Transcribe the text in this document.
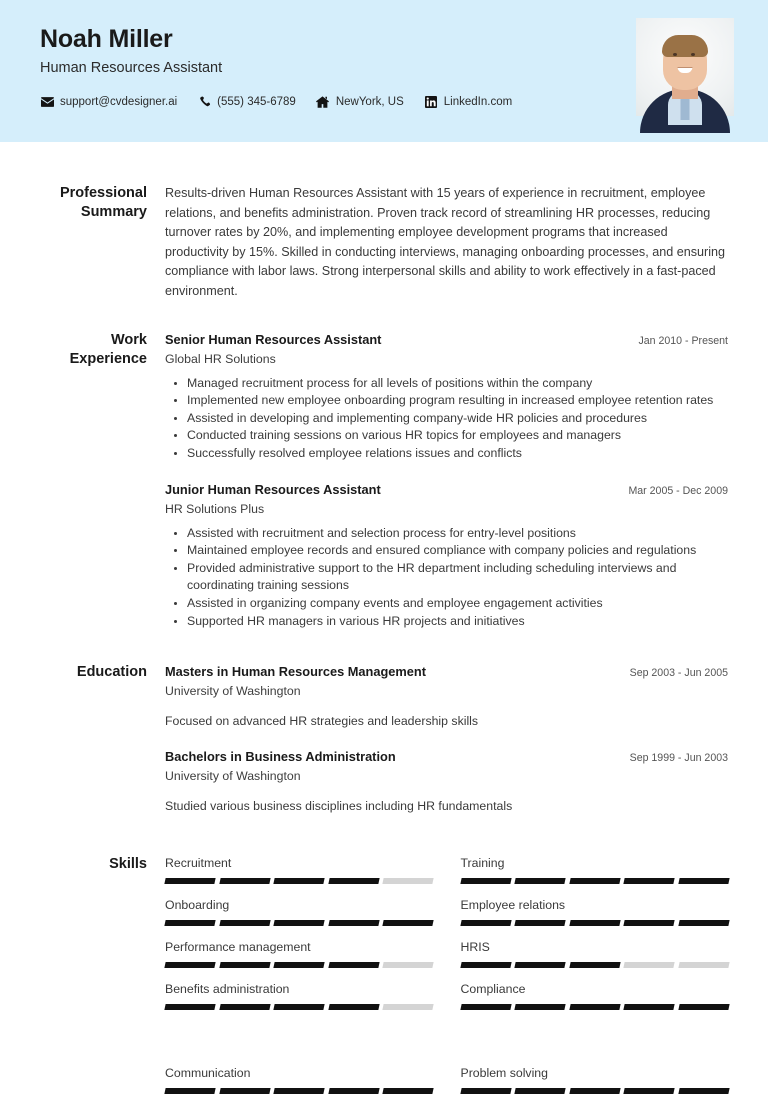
Noah Miller
Human Resources Assistant
support@cvdesigner.ai	(555) 345-6789	NewYork, US	LinkedIn.com
Professional Summary
Results-driven Human Resources Assistant with 15 years of experience in recruitment, employee relations, and benefits administration. Proven track record of streamlining HR processes, reducing turnover rates by 20%, and implementing employee development programs that increased productivity by 15%. Skilled in conducting interviews, managing onboarding processes, and ensuring compliance with labor laws. Strong interpersonal skills and ability to work effectively in a fast-paced environment.
Work Experience
Senior Human Resources Assistant	Jan 2010 - Present
Global HR Solutions
Managed recruitment process for all levels of positions within the company
Implemented new employee onboarding program resulting in increased employee retention rates
Assisted in developing and implementing company-wide HR policies and procedures
Conducted training sessions on various HR topics for employees and managers
Successfully resolved employee relations issues and conflicts
Junior Human Resources Assistant	Mar 2005 - Dec 2009
HR Solutions Plus
Assisted with recruitment and selection process for entry-level positions
Maintained employee records and ensured compliance with company policies and regulations
Provided administrative support to the HR department including scheduling interviews and coordinating training sessions
Assisted in organizing company events and employee engagement activities
Supported HR managers in various HR projects and initiatives
Education	Masters in Human Resources Management	Sep 2003 - Jun 2005
University of Washington
Focused on advanced HR strategies and leadership skills
Bachelors in Business Administration	Sep 1999 - Jun 2003
University of Washington
Studied various business disciplines including HR fundamentals
Skills	Recruitment	Training
Onboarding	Employee relations
Performance management	HRIS
Benefits administration	Compliance
Communication	Problem solving
